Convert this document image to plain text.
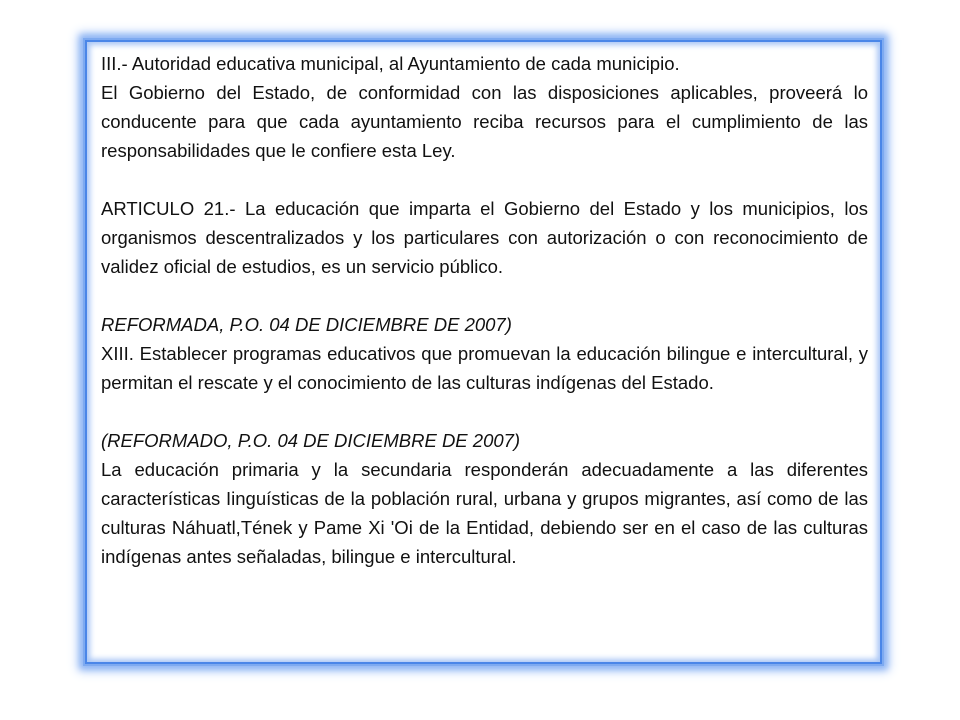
III.- Autoridad educativa municipal, al Ayuntamiento de cada municipio.

El Gobierno del Estado, de conformidad con las disposiciones aplicables, proveerá lo conducente para que cada ayuntamiento reciba recursos para el cumplimiento de las responsabilidades que le confiere esta Ley.

ARTICULO 21.- La educación que imparta el Gobierno del Estado y los municipios, los organismos descentralizados y los particulares con autorización o con reconocimiento de validez oficial de estudios, es un servicio público.

REFORMADA, P.O. 04 DE DICIEMBRE DE 2007)

XIII. Establecer programas educativos que promuevan la educación bilingue e intercultural, y permitan el rescate y el conocimiento de las culturas indígenas del Estado.

(REFORMADO, P.O. 04 DE DICIEMBRE DE 2007)

La educación primaria y la secundaria responderán adecuadamente a las diferentes características Iinguísticas de la población rural, urbana y grupos migrantes, así como de las culturas Náhuatl,Tének y Pame Xi 'Oi de la Entidad, debiendo ser en el caso de las culturas indígenas antes señaladas, bilingue e intercultural.
